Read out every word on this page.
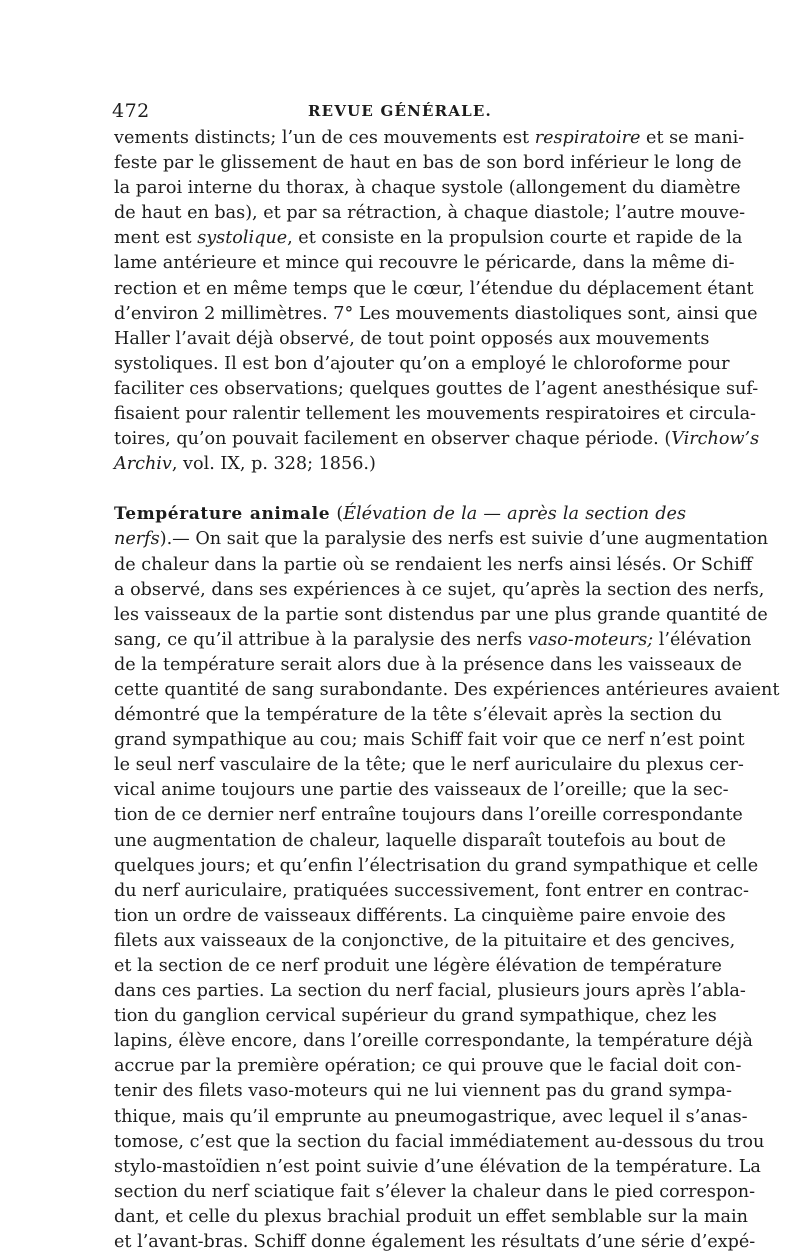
472	REVUE GÉNÉRALE.
vements distincts; l’un de ces mouvements est respiratoire et se mani-
feste par le glissement de haut en bas de son bord inférieur le long de
la paroi interne du thorax, à chaque systole (allongement du diamètre
de haut en bas), et par sa rétraction, à chaque diastole; l’autre mouve-
ment est systolique, et consiste en la propulsion courte et rapide de la
lame antérieure et mince qui recouvre le péricarde, dans la même di-
rection et en même temps que le cœur, l’étendue du déplacement étant
d’environ 2 millimètres. 7° Les mouvements diastoliques sont, ainsi que
Haller l’avait déjà observé, de tout point opposés aux mouvements
systoliques. Il est bon d’ajouter qu’on a employé le chloroforme pour
faciliter ces observations; quelques gouttes de l’agent anesthésique suf-
fisaient pour ralentir tellement les mouvements respiratoires et circula-
toires, qu’on pouvait facilement en observer chaque période. (Virchow’s
Archiv, vol. IX, p. 328; 1856.)
Température animale (Élévation de la — après la section des
nerfs).— On sait que la paralysie des nerfs est suivie d’une augmentation
de chaleur dans la partie où se rendaient les nerfs ainsi lésés. Or Schiff
a observé, dans ses expériences à ce sujet, qu’après la section des nerfs,
les vaisseaux de la partie sont distendus par une plus grande quantité de
sang, ce qu’il attribue à la paralysie des nerfs vaso-moteurs; l’élévation
de la température serait alors due à la présence dans les vaisseaux de
cette quantité de sang surabondante. Des expériences antérieures avaient
démontré que la température de la tête s’élevait après la section du
grand sympathique au cou; mais Schiff fait voir que ce nerf n’est point
le seul nerf vasculaire de la tête; que le nerf auriculaire du plexus cer-
vical anime toujours une partie des vaisseaux de l’oreille; que la sec-
tion de ce dernier nerf entraîne toujours dans l’oreille correspondante
une augmentation de chaleur, laquelle disparaît toutefois au bout de
quelques jours; et qu’enfin l’électrisation du grand sympathique et celle
du nerf auriculaire, pratiquées successivement, font entrer en contrac-
tion un ordre de vaisseaux différents. La cinquième paire envoie des
filets aux vaisseaux de la conjonctive, de la pituitaire et des gencives,
et la section de ce nerf produit une légère élévation de température
dans ces parties. La section du nerf facial, plusieurs jours après l’abla-
tion du ganglion cervical supérieur du grand sympathique, chez les
lapins, élève encore, dans l’oreille correspondante, la température déjà
accrue par la première opération; ce qui prouve que le facial doit con-
tenir des filets vaso-moteurs qui ne lui viennent pas du grand sympa-
thique, mais qu’il emprunte au pneumogastrique, avec lequel il s’anas-
tomose, c’est que la section du facial immédiatement au-dessous du trou
stylo-mastoïdien n’est point suivie d’une élévation de la température. La
section du nerf sciatique fait s’élever la chaleur dans le pied correspon-
dant, et celle du plexus brachial produit un effet semblable sur la main
et l’avant-bras. Schiff donne également les résultats d’une série d’expé-
